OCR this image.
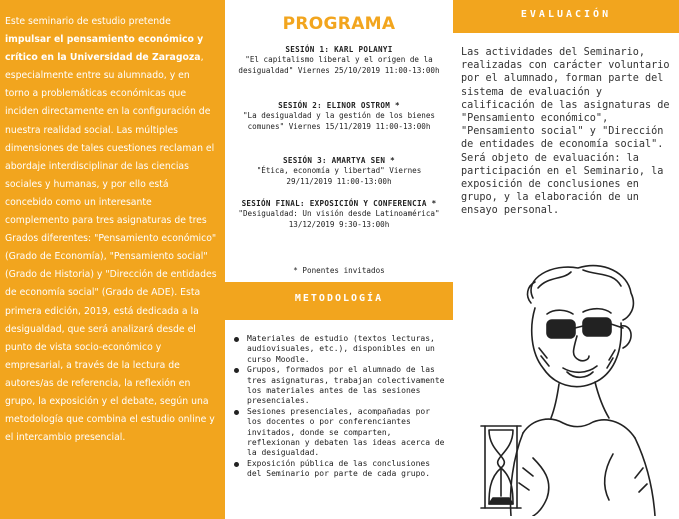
Este seminario de estudio pretende impulsar el pensamiento económico y crítico en la Universidad de Zaragoza, especialmente entre su alumnado, y en torno a problemáticas económicas que inciden directamente en la configuración de nuestra realidad social. Las múltiples dimensiones de tales cuestiones reclaman el abordaje interdisciplinar de las ciencias sociales y humanas, y por ello está concebido como un interesante complemento para tres asignaturas de tres Grados diferentes: "Pensamiento económico" (Grado de Economía), "Pensamiento social" (Grado de Historia) y "Dirección de entidades de economía social" (Grado de ADE). Esta primera edición, 2019, está dedicada a la desigualdad, que será analizará desde el punto de vista socio-económico y empresarial, a través de la lectura de autores/as de referencia, la reflexión en grupo, la exposición y el debate, según una metodología que combina el estudio online y el intercambio presencial.
PROGRAMA
SESIÓN 1: KARL POLANYI
"El capitalismo liberal y el origen de la desigualdad" Viernes 25/10/2019 11:00-13:00h
SESIÓN 2: ELINOR OSTROM *
"La desigualdad y la gestión de los bienes comunes" Viernes 15/11/2019 11:00-13:00h
SESIÓN 3: AMARTYA SEN *
"Ética, economía y libertad" Viernes 29/11/2019 11:00-13:00h
SESIÓN FINAL: EXPOSICIÓN Y CONFERENCIA *
"Desigualdad: Un visión desde Latinoamérica" 13/12/2019 9:30-13:00h
* Ponentes invitados
METODOLOGÍA
Materiales de estudio (textos lecturas, audiovisuales, etc.), disponibles en un curso Moodle.
Grupos, formados por el alumnado de las tres asignaturas, trabajan colectivamente los materiales antes de las sesiones presenciales.
Sesiones presenciales, acompañadas por los docentes o por conferenciantes invitados, donde se comparten, reflexionan y debaten las ideas acerca de la desigualdad.
Exposición pública de las conclusiones del Seminario por parte de cada grupo.
EVALUACIÓN
Las actividades del Seminario, realizadas con carácter voluntario por el alumnado, forman parte del sistema de evaluación y calificación de las asignaturas de "Pensamiento económico", "Pensamiento social" y "Dirección de entidades de economía social". Será objeto de evaluación: la participación en el Seminario, la exposición de conclusiones en grupo, y la elaboración de un ensayo personal.
